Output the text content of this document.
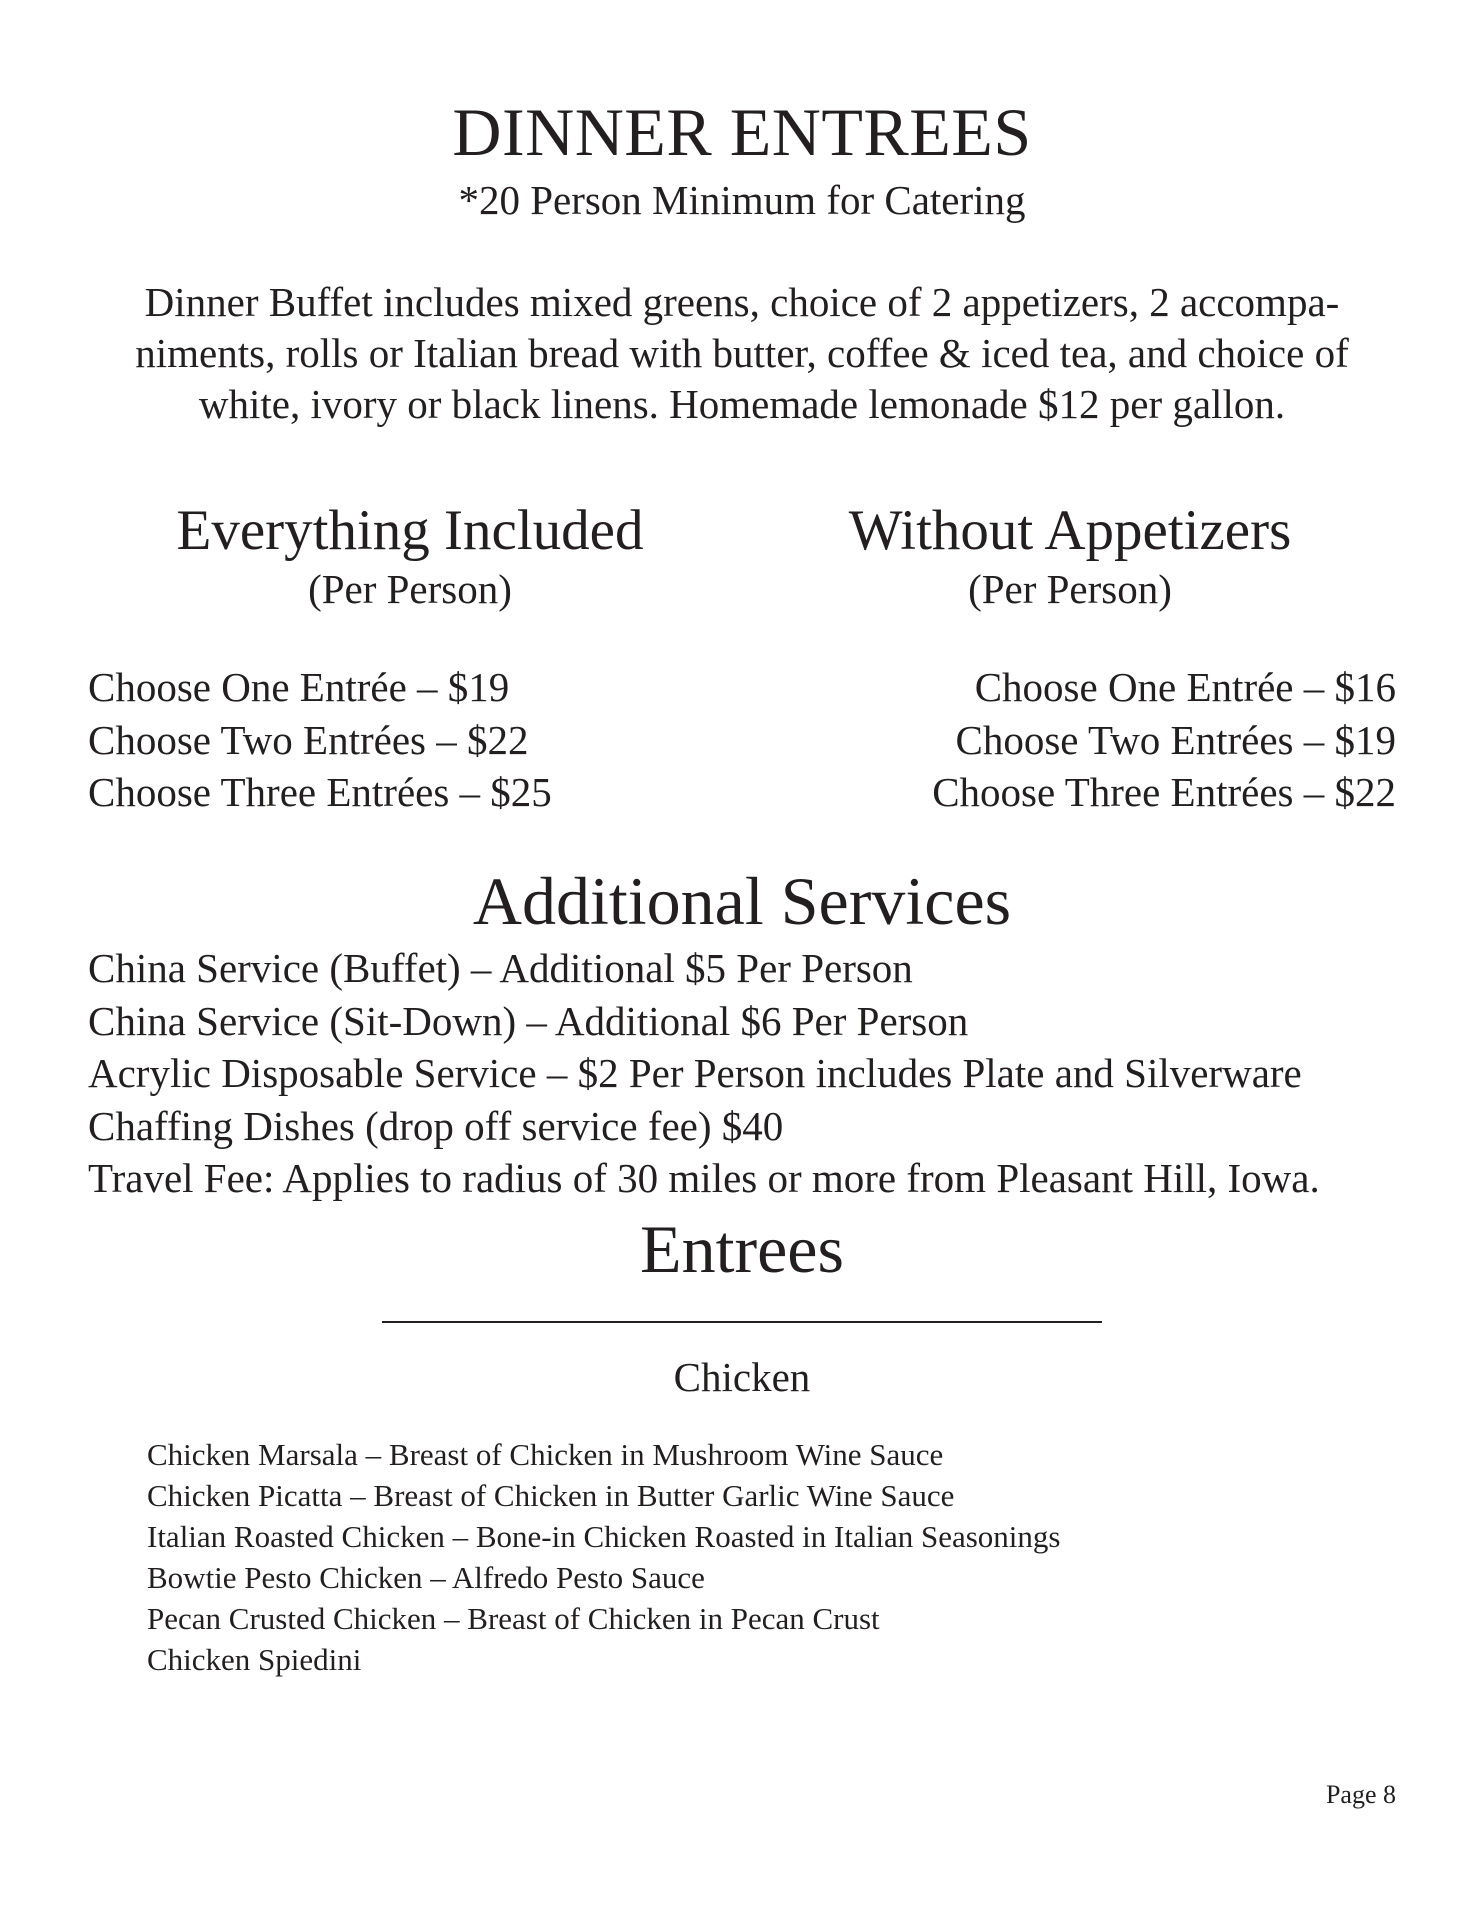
DINNER ENTREES
*20 Person Minimum for Catering
Dinner Buffet includes mixed greens, choice of 2 appetizers, 2 accompa-
niments, rolls or Italian bread with butter, coffee & iced tea, and choice of
white, ivory or black linens. Homemade lemonade $12 per gallon.
Everything Included
(Per Person)
Choose One Entrée – $19
Choose Two Entrées – $22
Choose Three Entrées – $25
Without Appetizers
(Per Person)
Choose One Entrée – $16
Choose Two Entrées – $19
Choose Three Entrées – $22
Additional Services
China Service (Buffet) – Additional $5 Per Person
China Service (Sit-Down) – Additional $6 Per Person
Acrylic Disposable Service – $2 Per Person includes Plate and Silverware
Chaffing Dishes (drop off service fee) $40
Travel Fee: Applies to radius of 30 miles or more from Pleasant Hill, Iowa.
Entrees
Chicken
Chicken Marsala – Breast of Chicken in Mushroom Wine Sauce
Chicken Picatta – Breast of Chicken in Butter Garlic Wine Sauce
Italian Roasted Chicken – Bone-in Chicken Roasted in Italian Seasonings
Bowtie Pesto Chicken – Alfredo Pesto Sauce
Pecan Crusted Chicken – Breast of Chicken in Pecan Crust
Chicken Spiedini
Page 8
